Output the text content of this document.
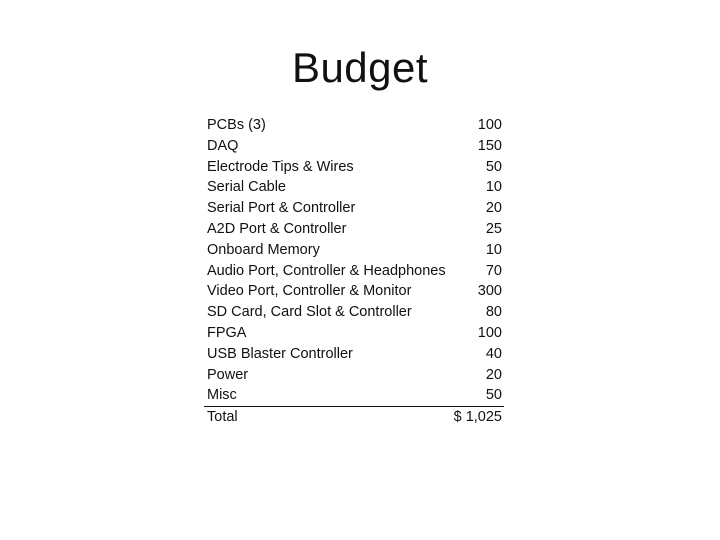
Budget
PCBs (3)	100
DAQ	150
Electrode Tips & Wires	50
Serial Cable	10
Serial Port & Controller	20
A2D Port & Controller	25
Onboard Memory	10
Audio Port, Controller & Headphones	70
Video Port, Controller & Monitor	300
SD Card, Card Slot & Controller	80
FPGA	100
USB Blaster Controller	40
Power	20
Misc	50
Total	$ 1,025
